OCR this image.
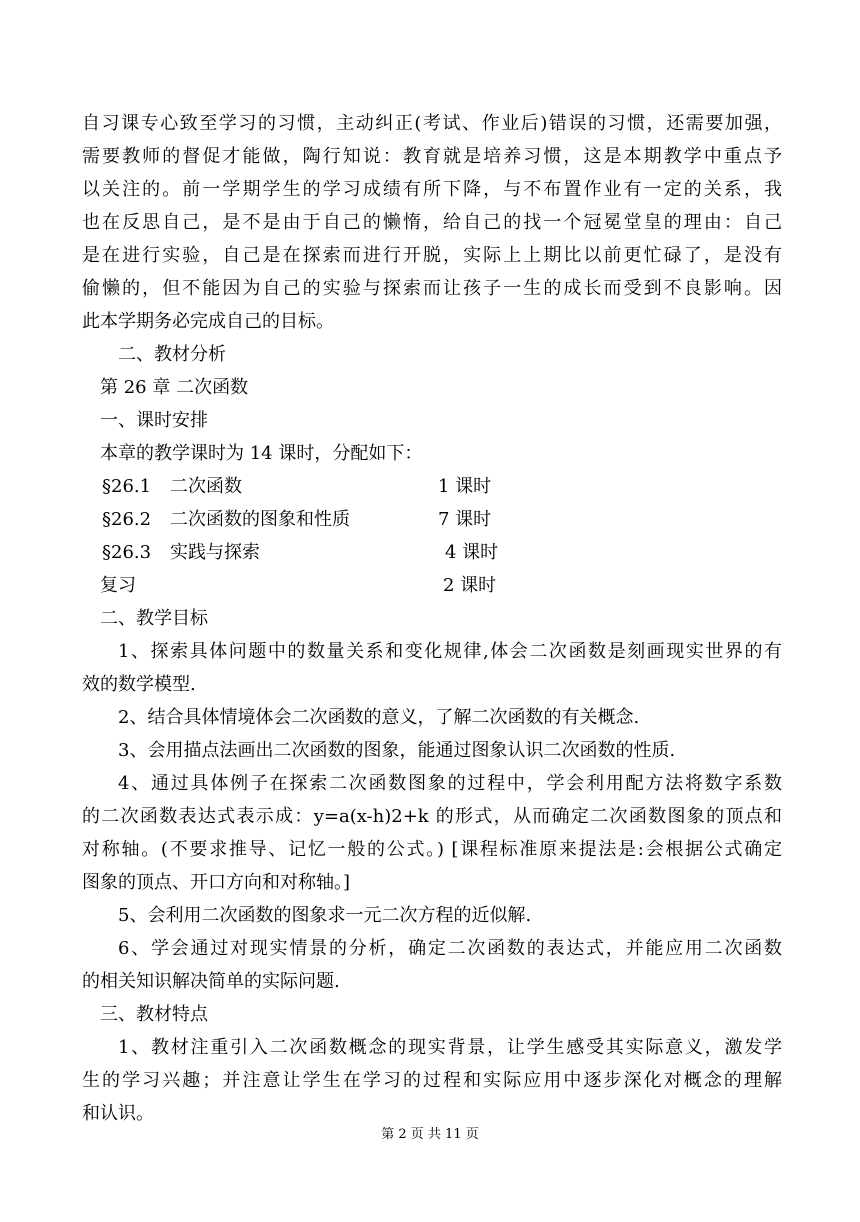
自习课专心致至学习的习惯，主动纠正(考试、作业后)错误的习惯，还需要加强，
需要教师的督促才能做，陶行知说：教育就是培养习惯，这是本期教学中重点予
以关注的。前一学期学生的学习成绩有所下降，与不布置作业有一定的关系，我
也在反思自己，是不是由于自己的懒惰，给自己的找一个冠冕堂皇的理由：自己
是在进行实验，自己是在探索而进行开脱，实际上上期比以前更忙碌了，是没有
偷懒的，但不能因为自己的实验与探索而让孩子一生的成长而受到不良影响。因
此本学期务必完成自己的目标。
二、教材分析
第 26 章 二次函数
一、课时安排
本章的教学课时为 14 课时，分配如下：
§26.1 二次函数	1 课时
§26.2 二次函数的图象和性质	7 课时
§26.3 实践与探索	4 课时
复习	2 课时
二、教学目标
1、探索具体问题中的数量关系和变化规律,体会二次函数是刻画现实世界的有
效的数学模型.
2、结合具体情境体会二次函数的意义，了解二次函数的有关概念.
3、会用描点法画出二次函数的图象，能通过图象认识二次函数的性质.
4、通过具体例子在探索二次函数图象的过程中，学会利用配方法将数字系数
的二次函数表达式表示成：y=a(x-h)2+k 的形式，从而确定二次函数图象的顶点和
对称轴。(不要求推导、记忆一般的公式。) [课程标准原来提法是:会根据公式确定
图象的顶点、开口方向和对称轴。]
5、会利用二次函数的图象求一元二次方程的近似解.
6、学会通过对现实情景的分析，确定二次函数的表达式，并能应用二次函数
的相关知识解决简单的实际问题.
三、教材特点
1、教材注重引入二次函数概念的现实背景，让学生感受其实际意义，激发学
生的学习兴趣；并注意让学生在学习的过程和实际应用中逐步深化对概念的理解
和认识。
第 2 页 共 11 页
